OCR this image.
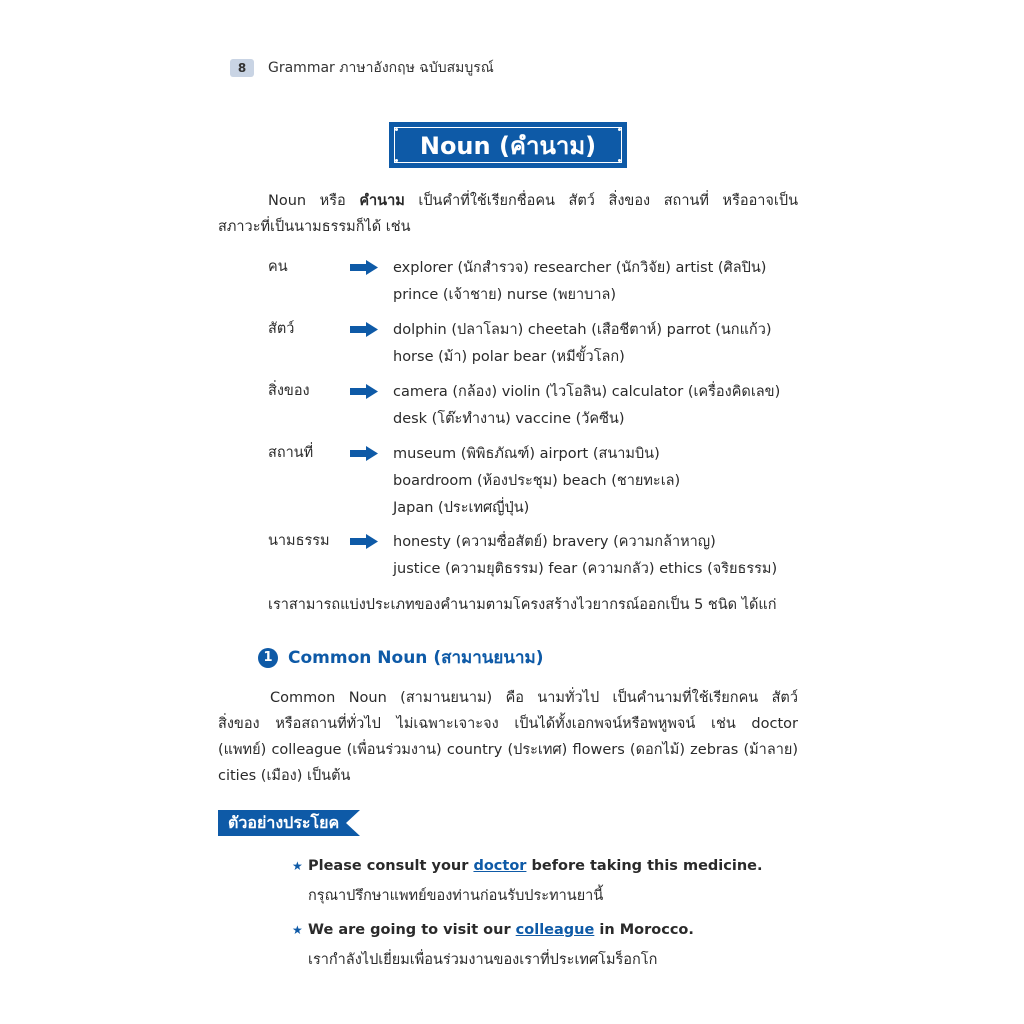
8	Grammar ภาษาอังกฤษ ฉบับสมบูรณ์
Noun (คำนาม)
Noun หรือ คำนาม เป็นคำที่ใช้เรียกชื่อคน สัตว์ สิ่งของ สถานที่ หรืออาจเป็น
สภาวะที่เป็นนามธรรมก็ได้ เช่น
คน	explorer (นักสำรวจ) researcher (นักวิจัย) artist (ศิลปิน)
prince (เจ้าชาย) nurse (พยาบาล)
สัตว์	dolphin (ปลาโลมา) cheetah (เสือชีตาห์) parrot (นกแก้ว)
horse (ม้า) polar bear (หมีขั้วโลก)
สิ่งของ	camera (กล้อง) violin (ไวโอลิน) calculator (เครื่องคิดเลข)
desk (โต๊ะทำงาน) vaccine (วัคซีน)
สถานที่	museum (พิพิธภัณฑ์) airport (สนามบิน)
boardroom (ห้องประชุม) beach (ชายทะเล)
Japan (ประเทศญี่ปุ่น)
นามธรรม	honesty (ความซื่อสัตย์) bravery (ความกล้าหาญ)
justice (ความยุติธรรม) fear (ความกลัว) ethics (จริยธรรม)
เราสามารถแบ่งประเภทของคำนามตามโครงสร้างไวยากรณ์ออกเป็น 5 ชนิด ได้แก่
1 Common Noun (สามานยนาม)
Common Noun (สามานยนาม) คือ นามทั่วไป เป็นคำนามที่ใช้เรียกคน สัตว์
สิ่งของ หรือสถานที่ทั่วไป ไม่เฉพาะเจาะจง เป็นได้ทั้งเอกพจน์หรือพหูพจน์ เช่น doctor
(แพทย์) colleague (เพื่อนร่วมงาน) country (ประเทศ) flowers (ดอกไม้) zebras (ม้าลาย)
cities (เมือง) เป็นต้น
ตัวอย่างประโยค
★ Please consult your doctor before taking this medicine.
กรุณาปรึกษาแพทย์ของท่านก่อนรับประทานยานี้
★ We are going to visit our colleague in Morocco.
เรากำลังไปเยี่ยมเพื่อนร่วมงานของเราที่ประเทศโมร็อกโก
